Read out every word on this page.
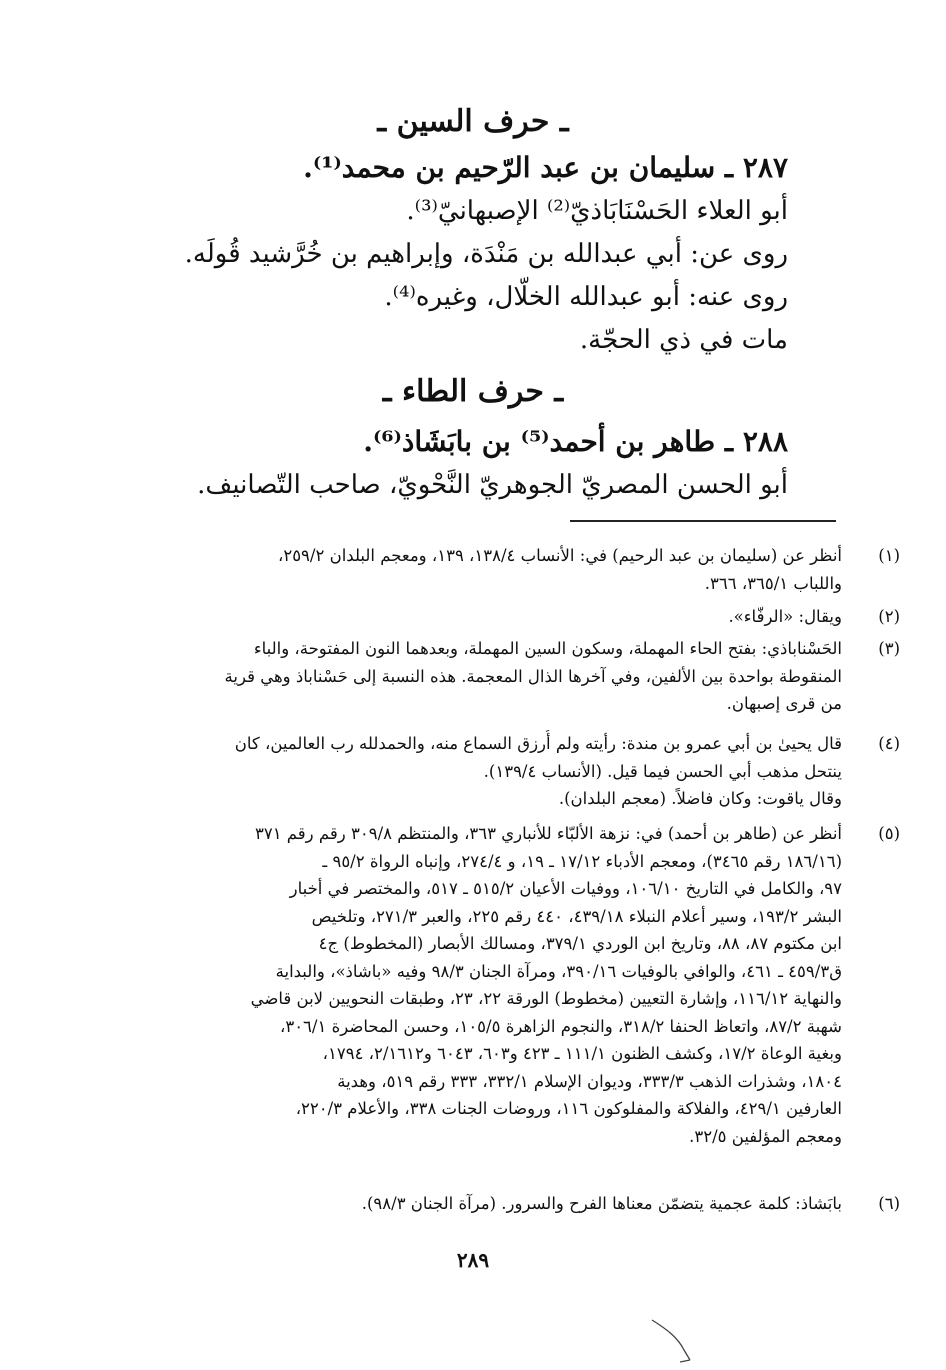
ـ حرف السين ـ

٢٨٧ ـ سليمان بن عبد الرّحيم بن محمد⁽¹⁾.

أبو العلاء الحَسْنَابَاذيّ⁽²⁾ الإصبهانيّ⁽³⁾.

روى عن: أبي عبدالله بن مَنْدَة، وإبراهيم بن خُرَّشيد قُولَه.

روى عنه: أبو عبدالله الخلّال، وغيره⁽⁴⁾.

مات في ذي الحجّة.

ـ حرف الطاء ـ

٢٨٨ ـ طاهر بن أحمد⁽⁵⁾ بن بابَشَاذ⁽⁶⁾.

أبو الحسن المصريّ الجوهريّ النَّحْويّ، صاحب التّصانيف.

(١)
أنظر عن (سليمان بن عبد الرحيم) في: الأنساب ١٣٨/٤، ١٣٩، ومعجم البلدان ٢٥٩/٢،
واللباب ٣٦٥/١، ٣٦٦.
(٢)
ويقال: «الرفّاء».
(٣)
الحَسْناباذي: بفتح الحاء المهملة، وسكون السين المهملة، وبعدهما النون المفتوحة، والباء
المنقوطة بواحدة بين الألفين، وفي آخرها الذال المعجمة. هذه النسبة إلى حَسْناباذ وهي قرية
من قرى إصبهان.
(٤)
قال يحيىٰ بن أبي عمرو بن مندة: رأيته ولم أُرزق السماع منه، والحمدلله رب العالمين، كان
ينتحل مذهب أبي الحسن فيما قيل. (الأنساب ١٣٩/٤).
وقال ياقوت: وكان فاضلاً. (معجم البلدان).
(٥)
أنظر عن (طاهر بن أحمد) في: نزهة الألبّاء للأنباري ٣٦٣، والمنتظم ٣٠٩/٨ رقم رقم ٣٧١
(١٨٦/١٦ رقم ٣٤٦٥)، ومعجم الأدباء ١٧/١٢ ـ ١٩، و ٢٧٤/٤، وإنباه الرواة ٩٥/٢ ـ
٩٧، والكامل في التاريخ ١٠٦/١٠، ووفيات الأعيان ٥١٥/٢ ـ ٥١٧، والمختصر في أخبار
البشر ١٩٣/٢، وسير أعلام النبلاء ٤٣٩/١٨، ٤٤٠ رقم ٢٢٥، والعبر ٢٧١/٣، وتلخيص
ابن مكتوم ٨٧، ٨٨، وتاريخ ابن الوردي ٣٧٩/١، ومسالك الأبصار (المخطوط) ج٤
ق٤٥٩/٣ ـ ٤٦١، والوافي بالوفيات ٣٩٠/١٦، ومرآة الجنان ٩٨/٣ وفيه «باشاذ»، والبداية
والنهاية ١١٦/١٢، وإشارة التعيين (مخطوط) الورقة ٢٢، ٢٣، وطبقات النحويين لابن قاضي
شهبة ٨٧/٢، واتعاظ الحنفا ٣١٨/٢، والنجوم الزاهرة ١٠٥/٥، وحسن المحاضرة ٣٠٦/١،
وبغية الوعاة ١٧/٢، وكشف الظنون ١١١/١ ـ ٤٢٣ و٦٠٣، ٦٠٤٣ و٢/١٦١٢، ١٧٩٤،
١٨٠٤، وشذرات الذهب ٣٣٣/٣، وديوان الإسلام ٣٣٢/١، ٣٣٣ رقم ٥١٩، وهدية
العارفين ٤٢٩/١، والفلاكة والمفلوكون ١١٦، وروضات الجنات ٣٣٨، والأعلام ٢٢٠/٣،
ومعجم المؤلفين ٣٢/٥.
(٦)
بابَشاذ: كلمة عجمية يتضمّن معناها الفرح والسرور. (مرآة الجنان ٩٨/٣).
٢٨٩
